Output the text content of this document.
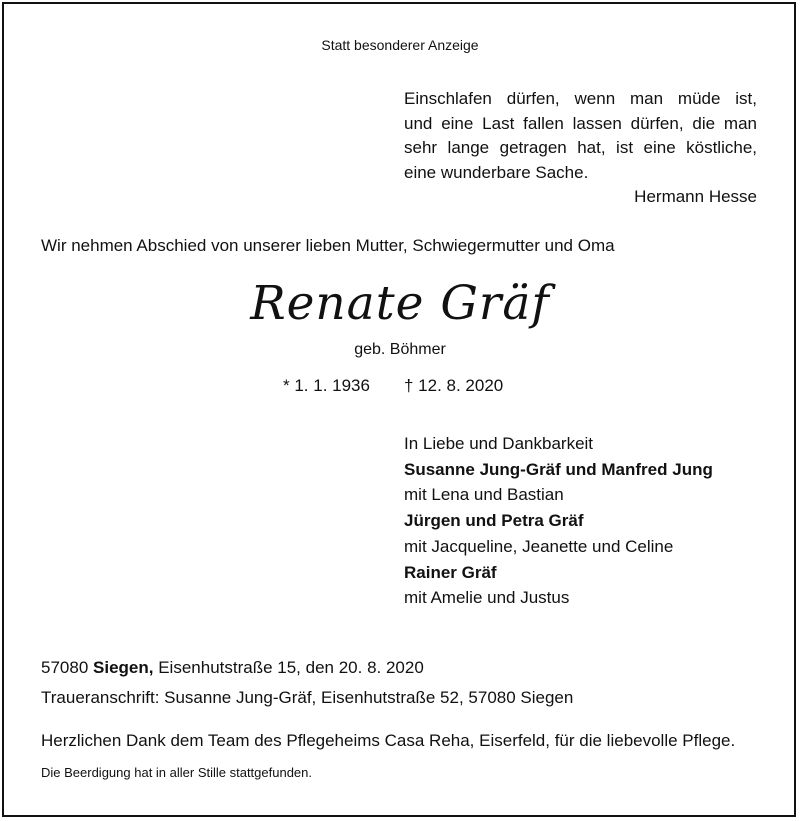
Statt besonderer Anzeige
Einschlafen dürfen, wenn man müde ist,
und eine Last fallen lassen dürfen, die man
sehr lange getragen hat, ist eine köstliche,
eine wunderbare Sache.
Hermann Hesse
Wir nehmen Abschied von unserer lieben Mutter, Schwiegermutter und Oma
Renate Gräf
geb. Böhmer
* 1. 1. 1936 † 12. 8. 2020
In Liebe und Dankbarkeit
Susanne Jung-Gräf und Manfred Jung
mit Lena und Bastian
Jürgen und Petra Gräf
mit Jacqueline, Jeanette und Celine
Rainer Gräf
mit Amelie und Justus
57080 Siegen, Eisenhutstraße 15, den 20. 8. 2020
Traueranschrift: Susanne Jung-Gräf, Eisenhutstraße 52, 57080 Siegen
Herzlichen Dank dem Team des Pflegeheims Casa Reha, Eiserfeld, für die liebevolle Pflege.
Die Beerdigung hat in aller Stille stattgefunden.
